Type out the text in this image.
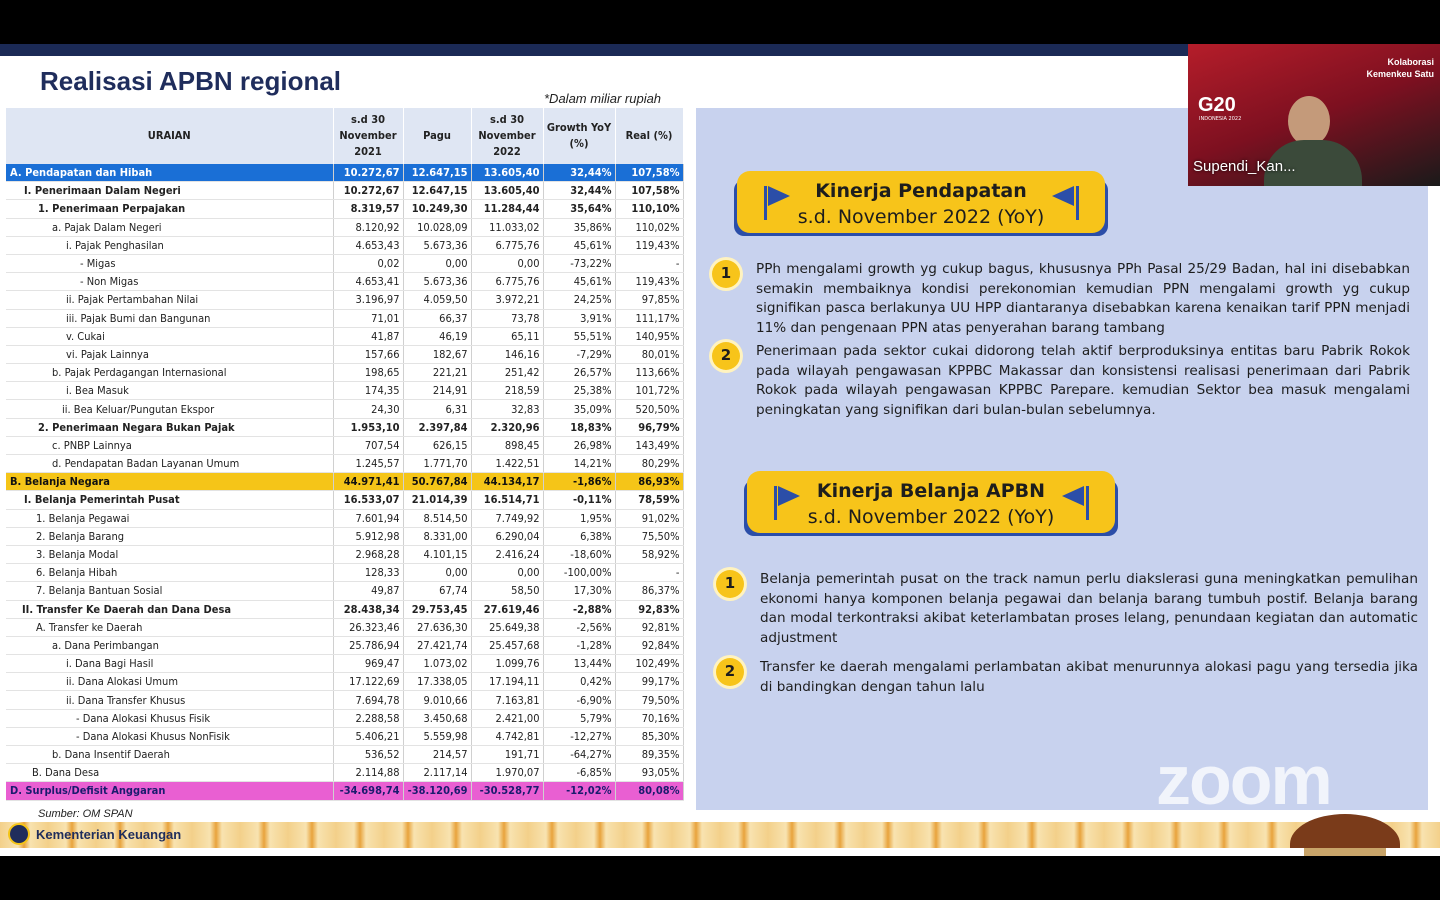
Realisasi APBN regional
*Dalam miliar rupiah
URAIAN	s.d 30 November 2021	Pagu	s.d 30 November 2022	Growth YoY (%)	Real (%)
A. Pendapatan dan Hibah	10.272,67	12.647,15	13.605,40	32,44%	107,58%
I. Penerimaan Dalam Negeri	10.272,67	12.647,15	13.605,40	32,44%	107,58%
1. Penerimaan Perpajakan	8.319,57	10.249,30	11.284,44	35,64%	110,10%
a. Pajak Dalam Negeri	8.120,92	10.028,09	11.033,02	35,86%	110,02%
i. Pajak Penghasilan	4.653,43	5.673,36	6.775,76	45,61%	119,43%
- Migas	0,02	0,00	0,00	-73,22%	-
- Non Migas	4.653,41	5.673,36	6.775,76	45,61%	119,43%
ii. Pajak Pertambahan Nilai	3.196,97	4.059,50	3.972,21	24,25%	97,85%
iii. Pajak Bumi dan Bangunan	71,01	66,37	73,78	3,91%	111,17%
v. Cukai	41,87	46,19	65,11	55,51%	140,95%
vi. Pajak Lainnya	157,66	182,67	146,16	-7,29%	80,01%
b. Pajak Perdagangan Internasional	198,65	221,21	251,42	26,57%	113,66%
i. Bea Masuk	174,35	214,91	218,59	25,38%	101,72%
ii. Bea Keluar/Pungutan Ekspor	24,30	6,31	32,83	35,09%	520,50%
2. Penerimaan Negara Bukan Pajak	1.953,10	2.397,84	2.320,96	18,83%	96,79%
c. PNBP Lainnya	707,54	626,15	898,45	26,98%	143,49%
d. Pendapatan Badan Layanan Umum	1.245,57	1.771,70	1.422,51	14,21%	80,29%
B. Belanja Negara	44.971,41	50.767,84	44.134,17	-1,86%	86,93%
I. Belanja Pemerintah Pusat	16.533,07	21.014,39	16.514,71	-0,11%	78,59%
1. Belanja Pegawai	7.601,94	8.514,50	7.749,92	1,95%	91,02%
2. Belanja Barang	5.912,98	8.331,00	6.290,04	6,38%	75,50%
3. Belanja Modal	2.968,28	4.101,15	2.416,24	-18,60%	58,92%
6. Belanja Hibah	128,33	0,00	0,00	-100,00%	-
7. Belanja Bantuan Sosial	49,87	67,74	58,50	17,30%	86,37%
II. Transfer Ke Daerah dan Dana Desa	28.438,34	29.753,45	27.619,46	-2,88%	92,83%
A. Transfer ke Daerah	26.323,46	27.636,30	25.649,38	-2,56%	92,81%
a. Dana Perimbangan	25.786,94	27.421,74	25.457,68	-1,28%	92,84%
i. Dana Bagi Hasil	969,47	1.073,02	1.099,76	13,44%	102,49%
ii. Dana Alokasi Umum	17.122,69	17.338,05	17.194,11	0,42%	99,17%
ii. Dana Transfer Khusus	7.694,78	9.010,66	7.163,81	-6,90%	79,50%
- Dana Alokasi Khusus Fisik	2.288,58	3.450,68	2.421,00	5,79%	70,16%
- Dana Alokasi Khusus NonFisik	5.406,21	5.559,98	4.742,81	-12,27%	85,30%
b. Dana Insentif Daerah	536,52	214,57	191,71	-64,27%	89,35%
B. Dana Desa	2.114,88	2.117,14	1.970,07	-6,85%	93,05%
D. Surplus/Defisit Anggaran	-34.698,74	-38.120,69	-30.528,77	-12,02%	80,08%
Sumber: OM SPAN
Kementerian Keuangan
Kinerja Pendapatan
s.d. November 2022 (YoY)
1	PPh mengalami growth yg cukup bagus, khususnya PPh Pasal 25/29 Badan, hal ini disebabkan semakin membaiknya kondisi perekonomian kemudian PPN mengalami growth yg cukup signifikan pasca berlakunya UU HPP diantaranya disebabkan karena kenaikan tarif PPN menjadi 11% dan pengenaan PPN atas penyerahan barang tambang
2	Penerimaan pada sektor cukai didorong telah aktif berproduksinya entitas baru Pabrik Rokok pada wilayah pengawasan KPPBC Makassar dan konsistensi realisasi penerimaan dari Pabrik Rokok pada wilayah pengawasan KPPBC Parepare. kemudian Sektor bea masuk mengalami peningkatan yang signifikan dari bulan-bulan sebelumnya.
Kinerja Belanja APBN
s.d. November 2022 (YoY)
1	Belanja pemerintah pusat on the track namun perlu diakslerasi guna meningkatkan pemulihan ekonomi hanya komponen belanja pegawai dan belanja barang tumbuh postif. Belanja barang dan modal terkontraksi akibat keterlambatan proses lelang, penundaan kegiatan dan automatic adjustment
2	Transfer ke daerah mengalami perlambatan akibat menurunnya alokasi pagu yang tersedia jika di bandingkan dengan tahun lalu
zoom
G20
INDONESIA 2022
Kolaborasi Kemenkeu Satu
Supendi_Kan...
